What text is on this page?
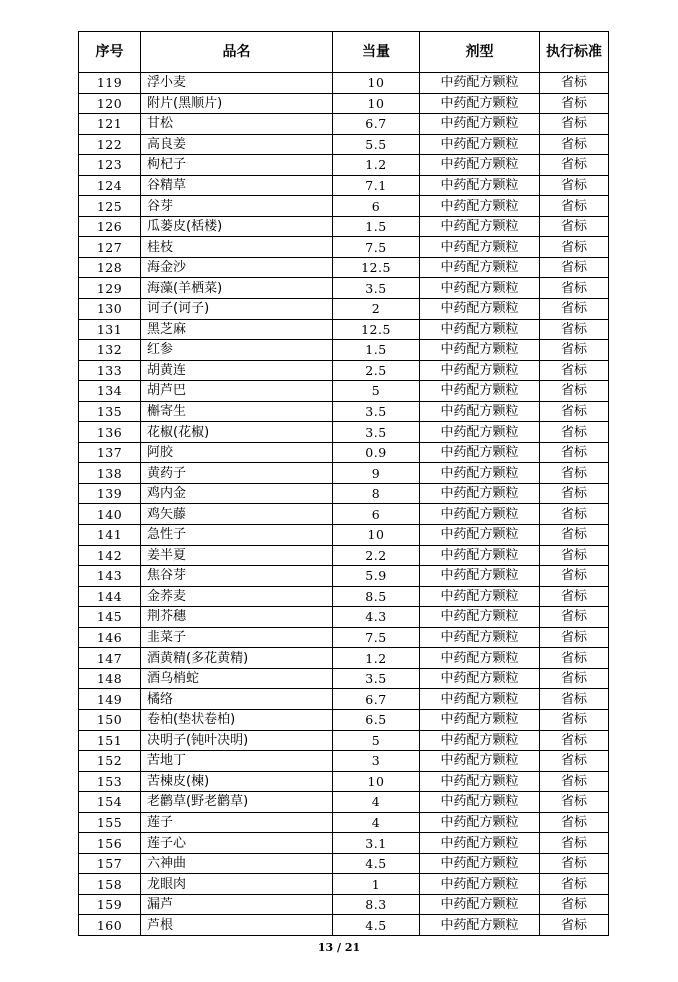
序号	品名	当量	剂型	执行标准
119	浮小麦	10	中药配方颗粒	省标
120	附片(黑顺片)	10	中药配方颗粒	省标
121	甘松	6.7	中药配方颗粒	省标
122	高良姜	5.5	中药配方颗粒	省标
123	枸杞子	1.2	中药配方颗粒	省标
124	谷精草	7.1	中药配方颗粒	省标
125	谷芽	6	中药配方颗粒	省标
126	瓜蒌皮(栝楼)	1.5	中药配方颗粒	省标
127	桂枝	7.5	中药配方颗粒	省标
128	海金沙	12.5	中药配方颗粒	省标
129	海藻(羊栖菜)	3.5	中药配方颗粒	省标
130	诃子(诃子)	2	中药配方颗粒	省标
131	黑芝麻	12.5	中药配方颗粒	省标
132	红参	1.5	中药配方颗粒	省标
133	胡黄连	2.5	中药配方颗粒	省标
134	胡芦巴	5	中药配方颗粒	省标
135	槲寄生	3.5	中药配方颗粒	省标
136	花椒(花椒)	3.5	中药配方颗粒	省标
137	阿胶	0.9	中药配方颗粒	省标
138	黄药子	9	中药配方颗粒	省标
139	鸡内金	8	中药配方颗粒	省标
140	鸡矢藤	6	中药配方颗粒	省标
141	急性子	10	中药配方颗粒	省标
142	姜半夏	2.2	中药配方颗粒	省标
143	焦谷芽	5.9	中药配方颗粒	省标
144	金荞麦	8.5	中药配方颗粒	省标
145	荆芥穗	4.3	中药配方颗粒	省标
146	韭菜子	7.5	中药配方颗粒	省标
147	酒黄精(多花黄精)	1.2	中药配方颗粒	省标
148	酒乌梢蛇	3.5	中药配方颗粒	省标
149	橘络	6.7	中药配方颗粒	省标
150	卷柏(垫状卷柏)	6.5	中药配方颗粒	省标
151	决明子(钝叶决明)	5	中药配方颗粒	省标
152	苦地丁	3	中药配方颗粒	省标
153	苦楝皮(楝)	10	中药配方颗粒	省标
154	老鹳草(野老鹳草)	4	中药配方颗粒	省标
155	莲子	4	中药配方颗粒	省标
156	莲子心	3.1	中药配方颗粒	省标
157	六神曲	4.5	中药配方颗粒	省标
158	龙眼肉	1	中药配方颗粒	省标
159	漏芦	8.3	中药配方颗粒	省标
160	芦根	4.5	中药配方颗粒	省标
13 / 21
